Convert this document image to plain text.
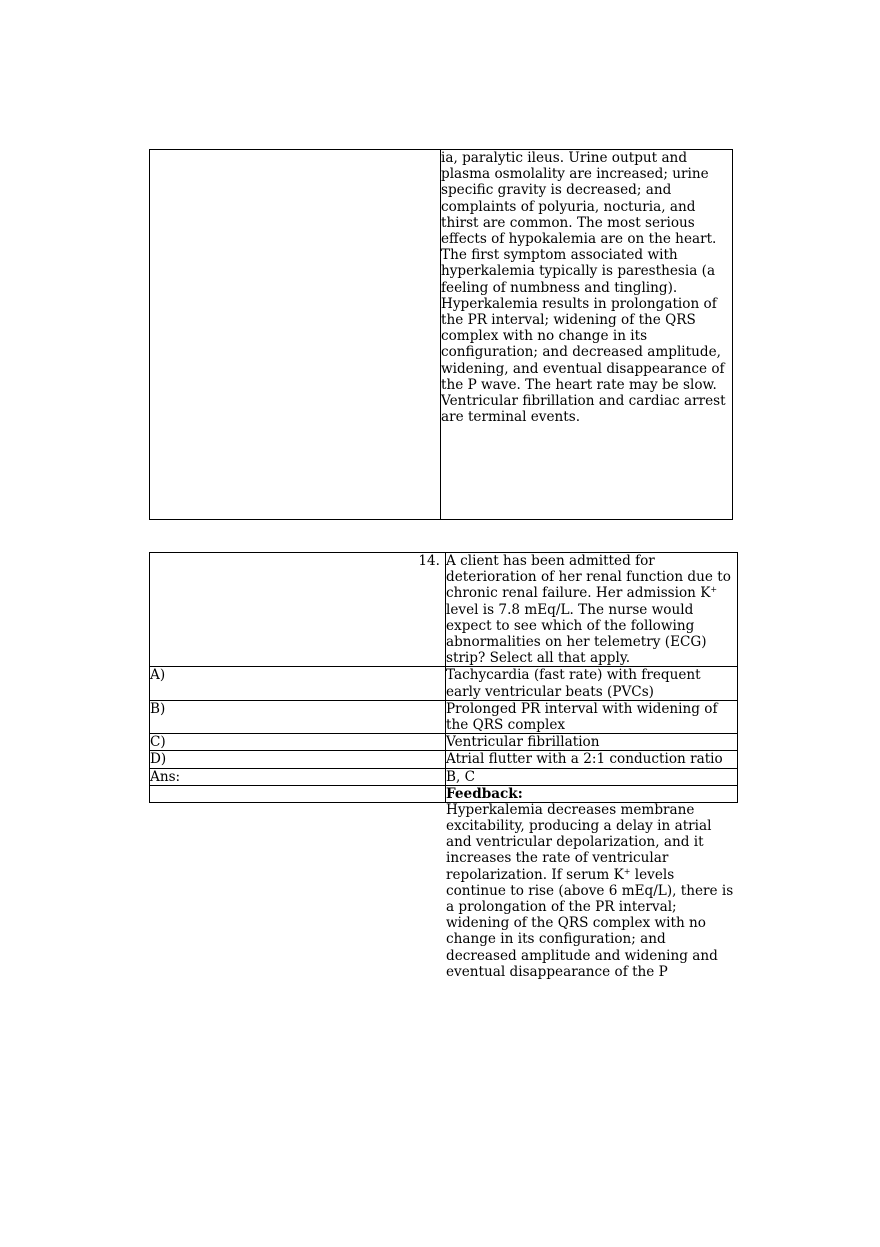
	ia, paralytic ileus. Urine output and plasma osmolality are increased; urine specific gravity is decreased; and complaints of polyuria, nocturia, and thirst are common. The most serious effects of hypokalemia are on the heart. The first symptom associated with hyperkalemia typically is paresthesia (a feeling of numbness and tingling). Hyperkalemia results in prolongation of the PR interval; widening of the QRS complex with no change in its configuration; and decreased amplitude, widening, and eventual disappearance of the P wave. The heart rate may be slow. Ventricular fibrillation and cardiac arrest are terminal events.
14.	A client has been admitted for deterioration of her renal function due to chronic renal failure. Her admission K+ level is 7.8 mEq/L. The nurse would expect to see which of the following abnormalities on her telemetry (ECG) strip? Select all that apply.
A)	Tachycardia (fast rate) with frequent early ventricular beats (PVCs)
B)	Prolonged PR interval with widening of the QRS complex
C)	Ventricular fibrillation
D)	Atrial flutter with a 2:1 conduction ratio
Ans:	B, C
	Feedback:
Hyperkalemia decreases membrane excitability, producing a delay in atrial and ventricular depolarization, and it increases the rate of ventricular repolarization. If serum K+ levels continue to rise (above 6 mEq/L), there is a prolongation of the PR interval; widening of the QRS complex with no change in its configuration; and decreased amplitude and widening and eventual disappearance of the P
